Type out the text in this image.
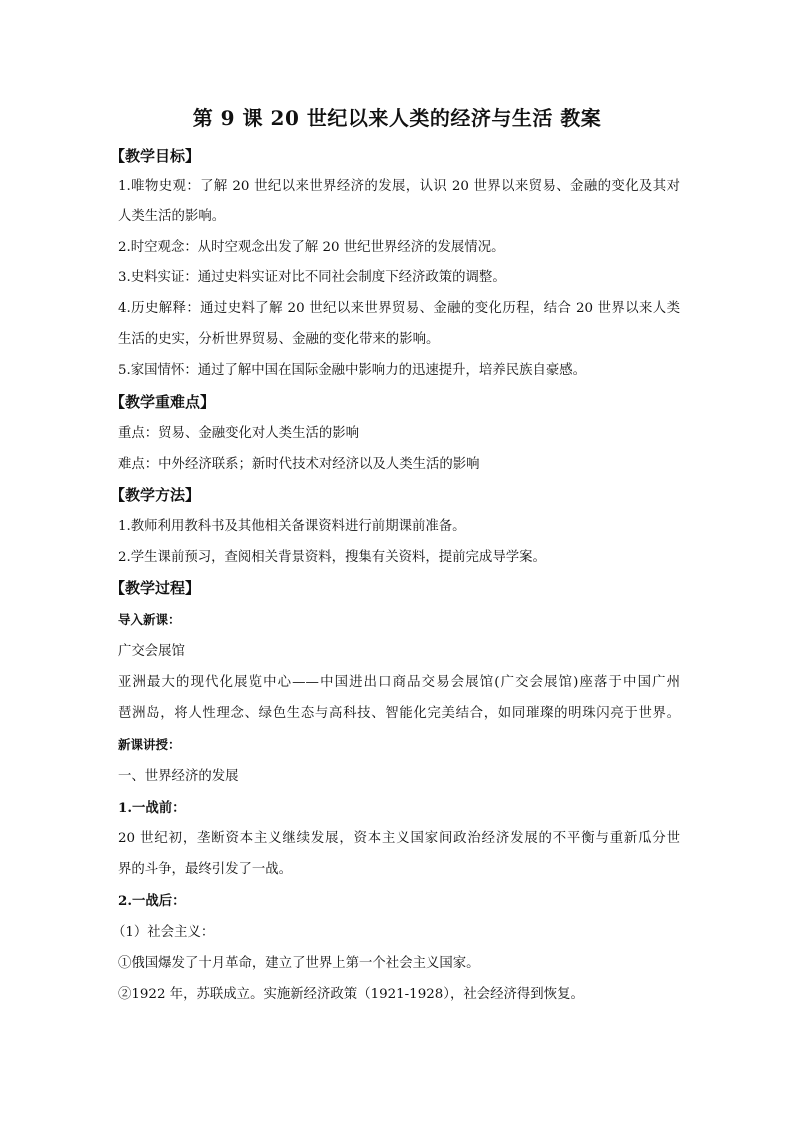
第 9 课 20 世纪以来人类的经济与生活 教案
【教学目标】
1.唯物史观：了解 20 世纪以来世界经济的发展，认识 20 世界以来贸易、金融的变化及其对
人类生活的影响。
2.时空观念：从时空观念出发了解 20 世纪世界经济的发展情况。
3.史料实证：通过史料实证对比不同社会制度下经济政策的调整。
4.历史解释：通过史料了解 20 世纪以来世界贸易、金融的变化历程，结合 20 世界以来人类
生活的史实，分析世界贸易、金融的变化带来的影响。
5.家国情怀：通过了解中国在国际金融中影响力的迅速提升，培养民族自豪感。
【教学重难点】
重点：贸易、金融变化对人类生活的影响
难点：中外经济联系；新时代技术对经济以及人类生活的影响
【教学方法】
1.教师利用教科书及其他相关备课资料进行前期课前准备。
2.学生课前预习，查阅相关背景资料，搜集有关资料，提前完成导学案。
【教学过程】
导入新课：
广交会展馆
亚洲最大的现代化展览中心——中国进出口商品交易会展馆(广交会展馆)座落于中国广州
琶洲岛，将人性理念、绿色生态与高科技、智能化完美结合，如同璀璨的明珠闪亮于世界。
新课讲授：
一、世界经济的发展
1.一战前：
20 世纪初，垄断资本主义继续发展，资本主义国家间政治经济发展的不平衡与重新瓜分世
界的斗争，最终引发了一战。
2.一战后：
（1）社会主义：
①俄国爆发了十月革命，建立了世界上第一个社会主义国家。
②1922 年，苏联成立。实施新经济政策（1921-1928），社会经济得到恢复。
